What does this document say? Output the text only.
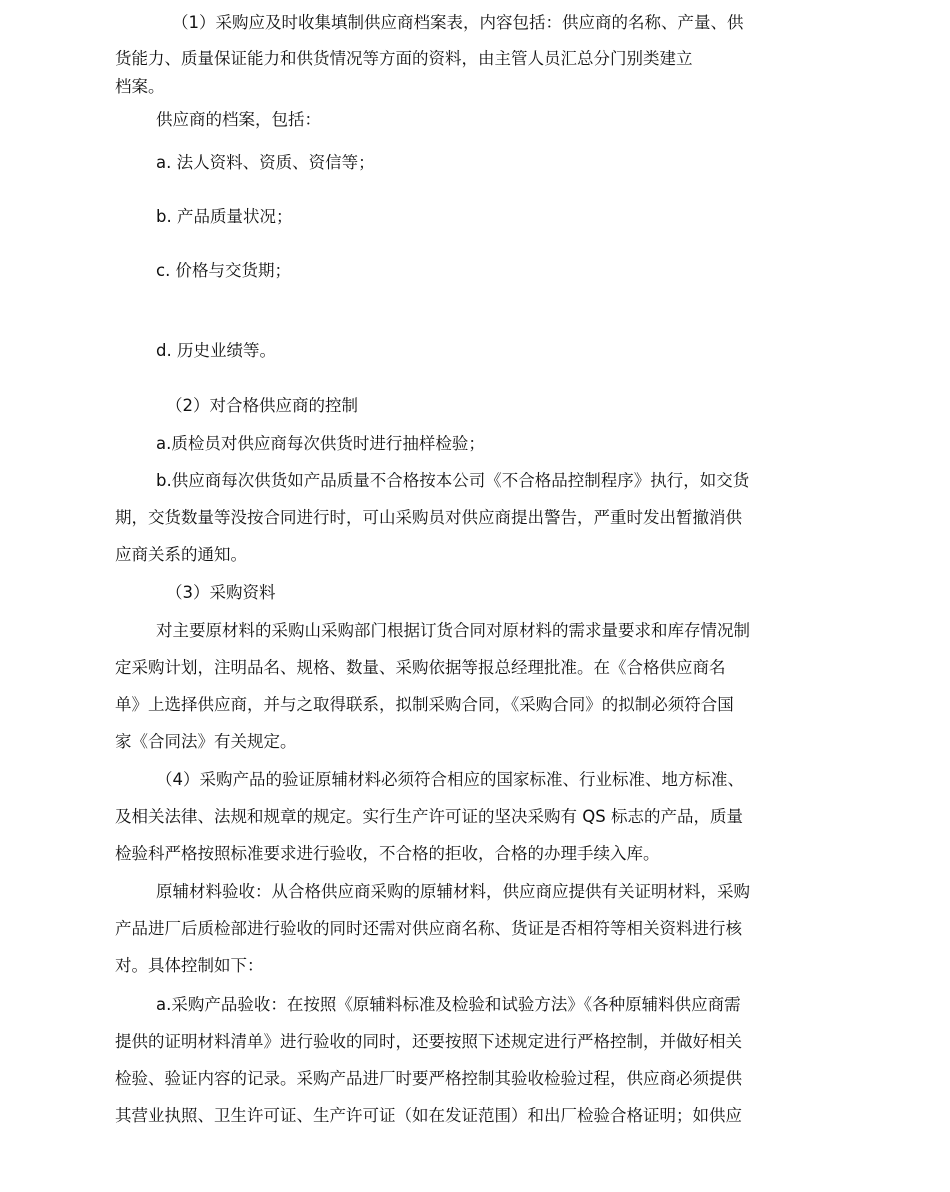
（1）采购应及时收集填制供应商档案表，内容包括：供应商的名称、产量、供
货能力、质量保证能力和供货情况等方面的资料，由主管人员汇总分门别类建立
档案。
供应商的档案，包括：
a. 法人资料、资质、资信等；
b. 产品质量状况；
c. 价格与交货期；
d. 历史业绩等。
（2）对合格供应商的控制
a.质检员对供应商每次供货时进行抽样检验；
b.供应商每次供货如产品质量不合格按本公司《不合格品控制程序》执行，如交货
期，交货数量等没按合同进行时，可山采购员对供应商提出警告，严重时发出暂撤消供
应商关系的通知。
（3）采购资料
对主要原材料的采购山采购部门根据订货合同对原材料的需求量要求和库存情况制
定采购计划，注明品名、规格、数量、采购依据等报总经理批准。在《合格供应商名
单》上选择供应商，并与之取得联系，拟制采购合同，《采购合同》的拟制必须符合国
家《合同法》有关规定。
（4）采购产品的验证原辅材料必须符合相应的国家标准、行业标准、地方标准、
及相关法律、法规和规章的规定。实行生产许可证的坚决采购有 QS 标志的产品，质量
检验科严格按照标准要求进行验收，不合格的拒收，合格的办理手续入库。
原辅材料验收：从合格供应商采购的原辅材料，供应商应提供有关证明材料，采购
产品进厂后质检部进行验收的同时还需对供应商名称、货证是否相符等相关资料进行核
对。具体控制如下：
a.采购产品验收：在按照《原辅料标准及检验和试验方法》《各种原辅料供应商需
提供的证明材料清单》进行验收的同时，还要按照下述规定进行严格控制，并做好相关
检验、验证内容的记录。采购产品进厂时要严格控制其验收检验过程，供应商必须提供
其营业执照、卫生许可证、生产许可证（如在发证范围）和出厂检验合格证明；如供应
